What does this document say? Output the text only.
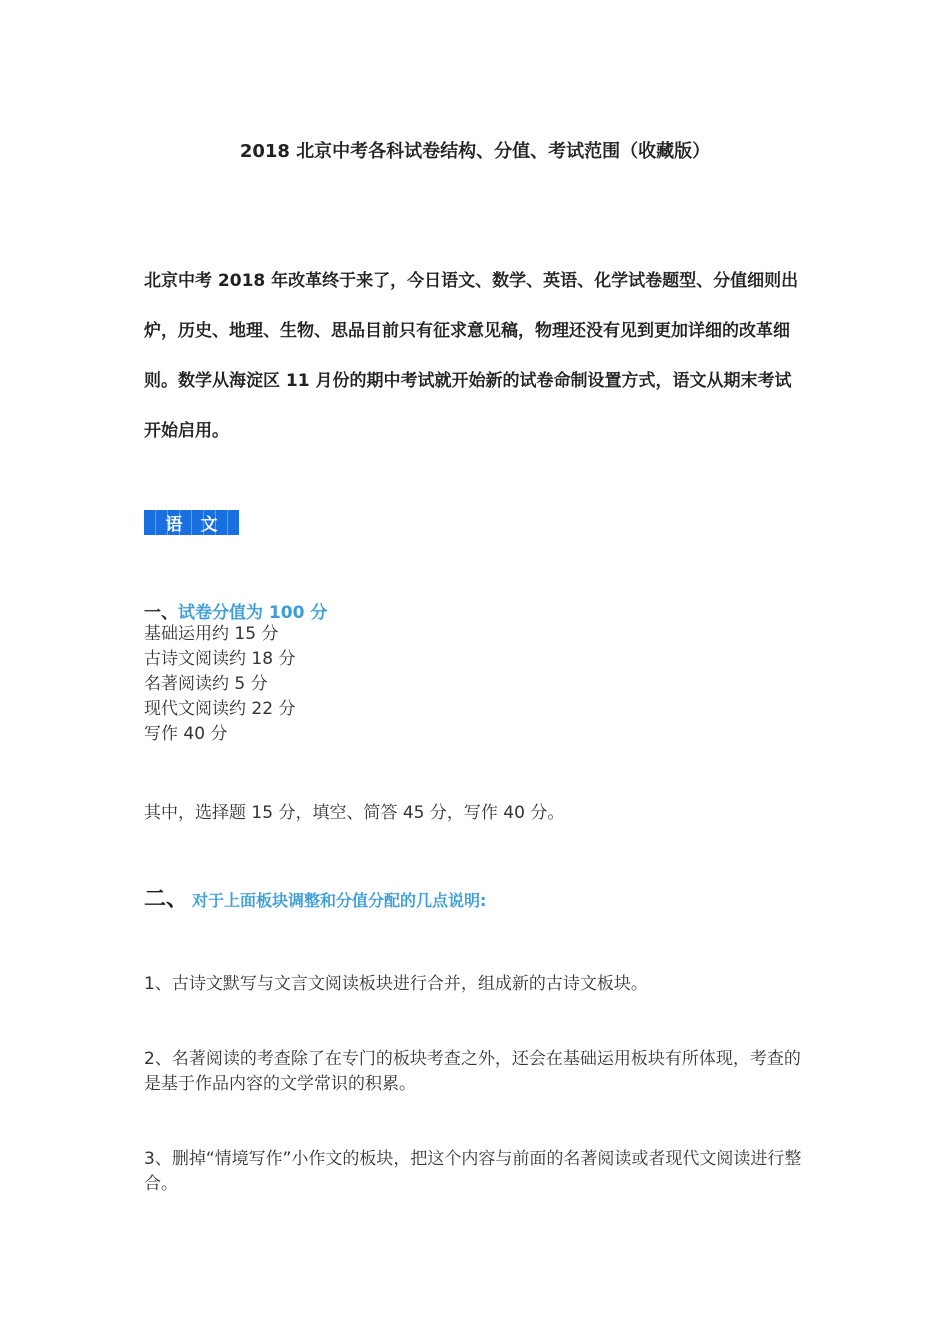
2018 北京中考各科试卷结构、分值、考试范围（收藏版）

北京中考 2018 年改革终于来了，今日语文、数学、英语、化学试卷题型、分值细则出炉，历史、地理、生物、思品目前只有征求意见稿，物理还没有见到更加详细的改革细则。数学从海淀区 11 月份的期中考试就开始新的试卷命制设置方式，语文从期末考试开始启用。

语文
一、试卷分值为 100 分
基础运用约 15 分
古诗文阅读约 18 分
名著阅读约 5 分
现代文阅读约 22 分
写作 40 分
其中，选择题 15 分，填空、简答 45 分，写作 40 分。
二、 对于上面板块调整和分值分配的几点说明:

1、古诗文默写与文言文阅读板块进行合并，组成新的古诗文板块。

2、名著阅读的考查除了在专门的板块考查之外，还会在基础运用板块有所体现，考查的是基于作品内容的文学常识的积累。

3、删掉“情境写作”小作文的板块，把这个内容与前面的名著阅读或者现代文阅读进行整合。
